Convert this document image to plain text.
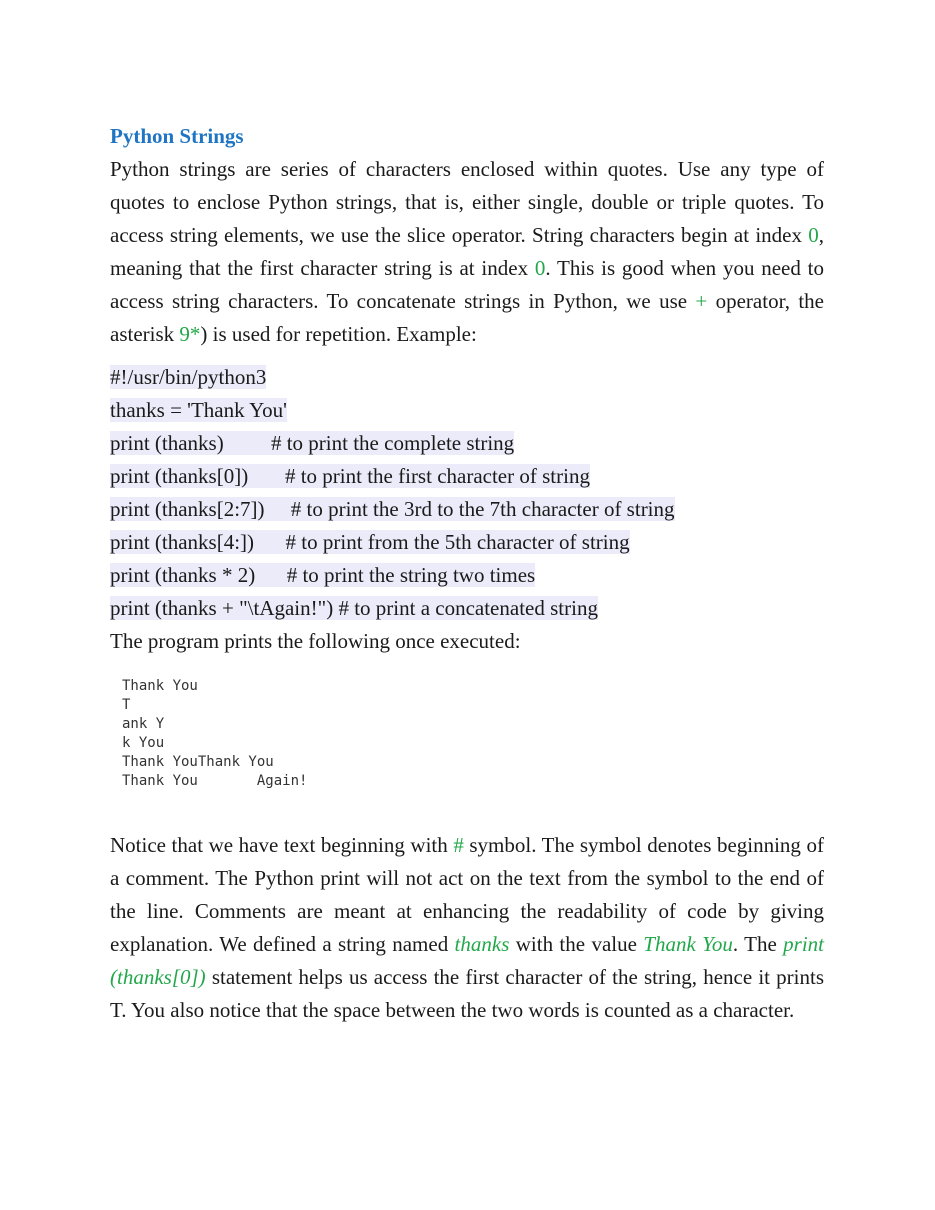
Python Strings

Python strings are series of characters enclosed within quotes. Use any type of quotes to enclose Python strings, that is, either single, double or triple quotes. To access string elements, we use the slice operator. String characters begin at index 0, meaning that the first character string is at index 0. This is good when you need to access string characters. To concatenate strings in Python, we use + operator, the asterisk 9*) is used for repetition. Example:

#!/usr/bin/python3
thanks = 'Thank You'
print (thanks)         # to print the complete string
print (thanks[0])       # to print the first character of string
print (thanks[2:7])     # to print the 3rd to the 7th character of string
print (thanks[4:])      # to print from the 5th character of string
print (thanks * 2)      # to print the string two times
print (thanks + "\tAgain!") # to print a concatenated string

The program prints the following once executed:

Thank You
T
ank Y
k You
Thank YouThank You
Thank You       Again!

Notice that we have text beginning with # symbol. The symbol denotes beginning of a comment. The Python print will not act on the text from the symbol to the end of the line. Comments are meant at enhancing the readability of code by giving explanation. We defined a string named thanks with the value Thank You. The print (thanks[0]) statement helps us access the first character of the string, hence it prints T. You also notice that the space between the two words is counted as a character.
